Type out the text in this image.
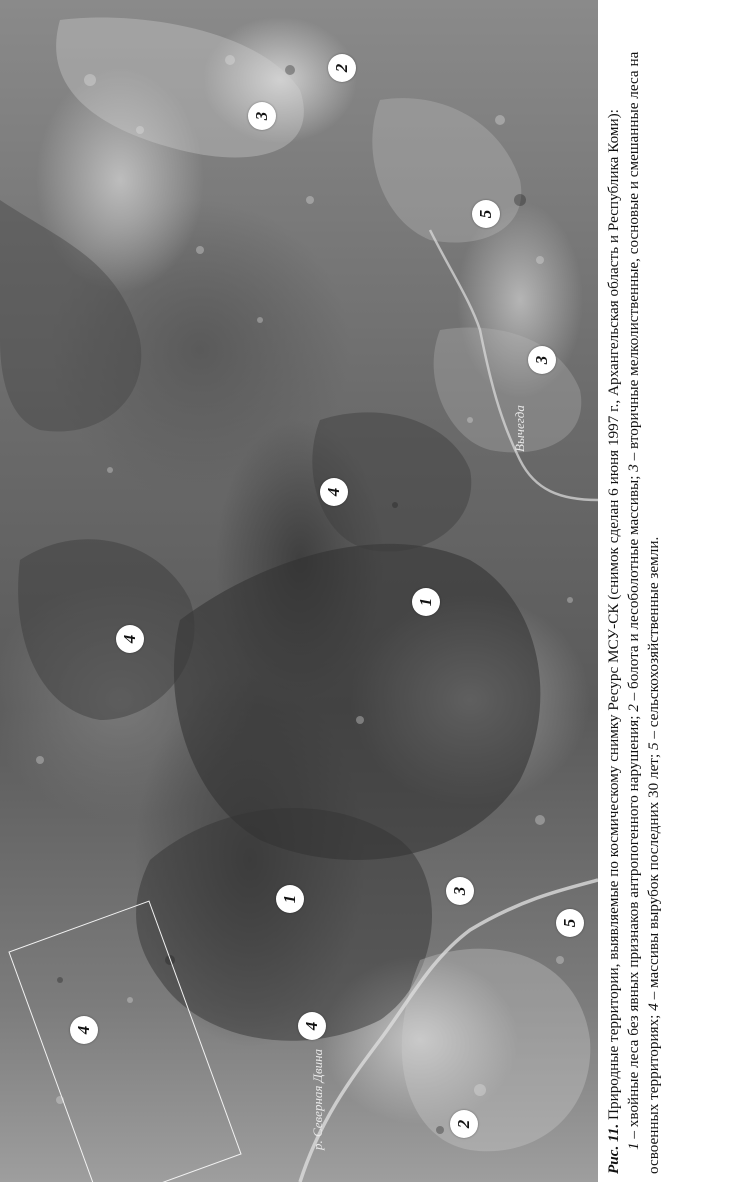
2
3
5
3
4
1
4
1
3
5
4
4
2
Вычегда
р. Северная Двина	Рис. 11. Природные территории, выявляемые по космическому снимку Ресурс МСУ-СК (снимок сделан 6 июня 1997 г., Архангельская область и Республика Коми):

1 – хвойные леса без явных признаков антропогенного нарушения; 2 – болота и лесоболотные массивы; 3 – вторичные мелколиственные, сосновые и смешанные леса на освоенных территориях; 4 – массивы вырубок последних 30 лет; 5 – сельскохозяйственные земли.
